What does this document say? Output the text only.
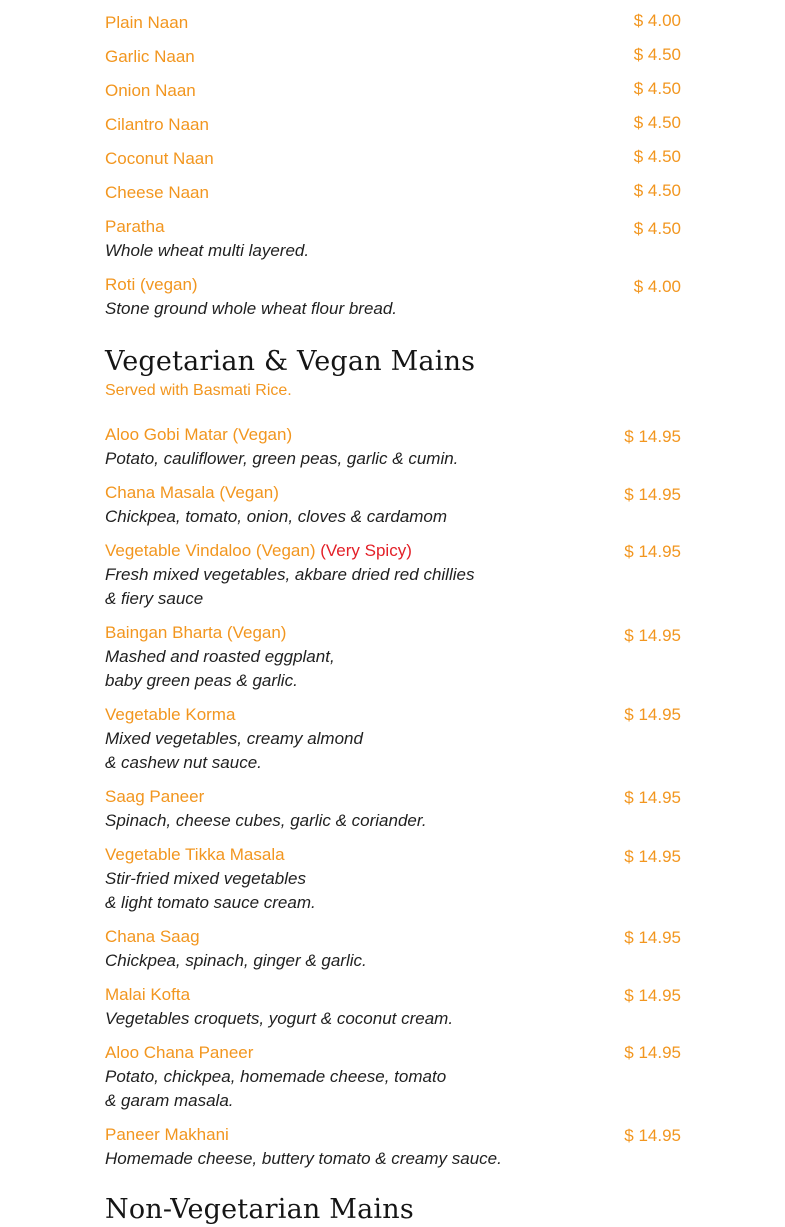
Plain Naan	$ 4.00
Garlic Naan	$ 4.50
Onion Naan	$ 4.50
Cilantro Naan	$ 4.50
Coconut Naan	$ 4.50
Cheese Naan	$ 4.50
Paratha	$ 4.50
Whole wheat multi layered.
Roti (vegan)	$ 4.00
Stone ground whole wheat flour bread.
Vegetarian & Vegan Mains
Served with Basmati Rice.
Aloo Gobi Matar (Vegan)	$ 14.95
Potato, cauliflower, green peas, garlic & cumin.
Chana Masala (Vegan)	$ 14.95
Chickpea, tomato, onion, cloves & cardamom
Vegetable Vindaloo (Vegan) (Very Spicy)	$ 14.95
Fresh mixed vegetables, akbare dried red chillies
& fiery sauce
Baingan Bharta (Vegan)	$ 14.95
Mashed and roasted eggplant,
baby green peas & garlic.
Vegetable Korma	$ 14.95
Mixed vegetables, creamy almond
& cashew nut sauce.
Saag Paneer	$ 14.95
Spinach, cheese cubes, garlic & coriander.
Vegetable Tikka Masala	$ 14.95
Stir-fried mixed vegetables
& light tomato sauce cream.
Chana Saag	$ 14.95
Chickpea, spinach, ginger & garlic.
Malai Kofta	$ 14.95
Vegetables croquets, yogurt & coconut cream.
Aloo Chana Paneer	$ 14.95
Potato, chickpea, homemade cheese, tomato
& garam masala.
Paneer Makhani	$ 14.95
Homemade cheese, buttery tomato & creamy sauce.
Non-Vegetarian Mains
